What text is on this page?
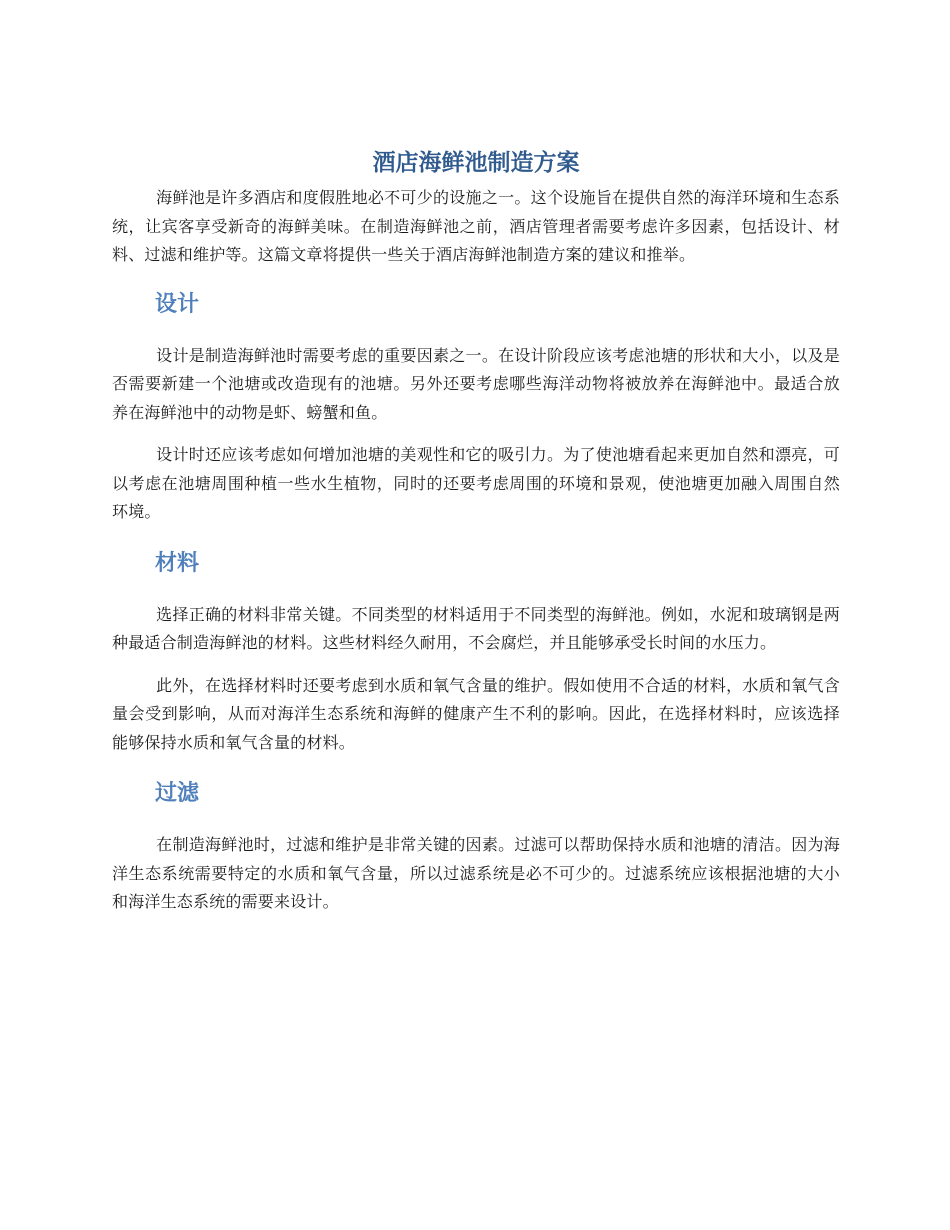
酒店海鲜池制造方案

海鲜池是许多酒店和度假胜地必不可少的设施之一。这个设施旨在提供自然的海洋环境和生态系统，让宾客享受新奇的海鲜美味。在制造海鲜池之前，酒店管理者需要考虑许多因素，包括设计、材料、过滤和维护等。这篇文章将提供一些关于酒店海鲜池制造方案的建议和推举。

设计

设计是制造海鲜池时需要考虑的重要因素之一。在设计阶段应该考虑池塘的形状和大小，以及是否需要新建一个池塘或改造现有的池塘。另外还要考虑哪些海洋动物将被放养在海鲜池中。最适合放养在海鲜池中的动物是虾、螃蟹和鱼。

设计时还应该考虑如何增加池塘的美观性和它的吸引力。为了使池塘看起来更加自然和漂亮，可以考虑在池塘周围种植一些水生植物，同时的还要考虑周围的环境和景观，使池塘更加融入周围自然环境。

材料

选择正确的材料非常关键。不同类型的材料适用于不同类型的海鲜池。例如，水泥和玻璃钢是两种最适合制造海鲜池的材料。这些材料经久耐用，不会腐烂，并且能够承受长时间的水压力。

此外，在选择材料时还要考虑到水质和氧气含量的维护。假如使用不合适的材料，水质和氧气含量会受到影响，从而对海洋生态系统和海鲜的健康产生不利的影响。因此，在选择材料时，应该选择能够保持水质和氧气含量的材料。

过滤

在制造海鲜池时，过滤和维护是非常关键的因素。过滤可以帮助保持水质和池塘的清洁。因为海洋生态系统需要特定的水质和氧气含量，所以过滤系统是必不可少的。过滤系统应该根据池塘的大小和海洋生态系统的需要来设计。
